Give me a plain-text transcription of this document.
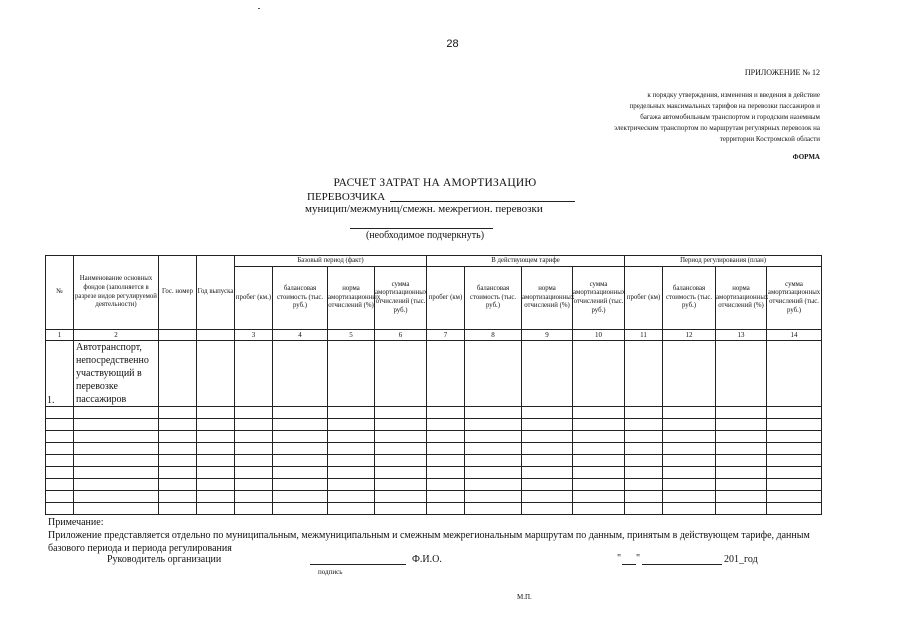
28
ПРИЛОЖЕНИЕ № 12
к порядку утверждения, изменения и введения в действие
предельных максимальных тарифов на перевозки пассажиров и
багажа автомобильным транспортом и городским наземным
электрическим транспортом по маршрутам регулярных перевозок на
территории Костромской области
ФОРМА
РАСЧЕТ ЗАТРАТ НА АМОРТИЗАЦИЮ
ПЕРЕВОЗЧИКА
муницип/межмуниц/смежн. межрегион. перевозки
(необходимое подчеркнуть)
№	Наименование основных фондов (заполняется в разрезе видов регулируемой деятельности)	Гос. номер	Год выпуска	Базовый период (факт)				В действующем тарифе				Период регулирования (план)			
				пробег (км.)	балансовая стоимость (тыс. руб.)	норма амортизационных отчислений (%)	сумма амортизационных отчислений (тыс. руб.)	пробег (км)	балансовая стоимость (тыс. руб.)	норма амортизационных отчислений (%)	сумма амортизационных отчислений (тыс. руб.)	пробег (км)	балансовая стоимость (тыс. руб.)	норма амортизационных отчислений (%)	сумма амортизационных отчислений (тыс. руб.)
1	2			3	4	5	6	7	8	9	10	11	12	13	14
1.	Автотранспорт, непосредственно участвующий в перевозке пассажиров														

Примечание:
Приложение представляется отдельно по муниципальным, межмуниципальным и смежным межрегиональным маршрутам по данным, принятым в действующем тарифе, данным базового периода и периода регулирования
Руководитель организации	Ф.И.О.
подпись
" "	201_год
М.П.
